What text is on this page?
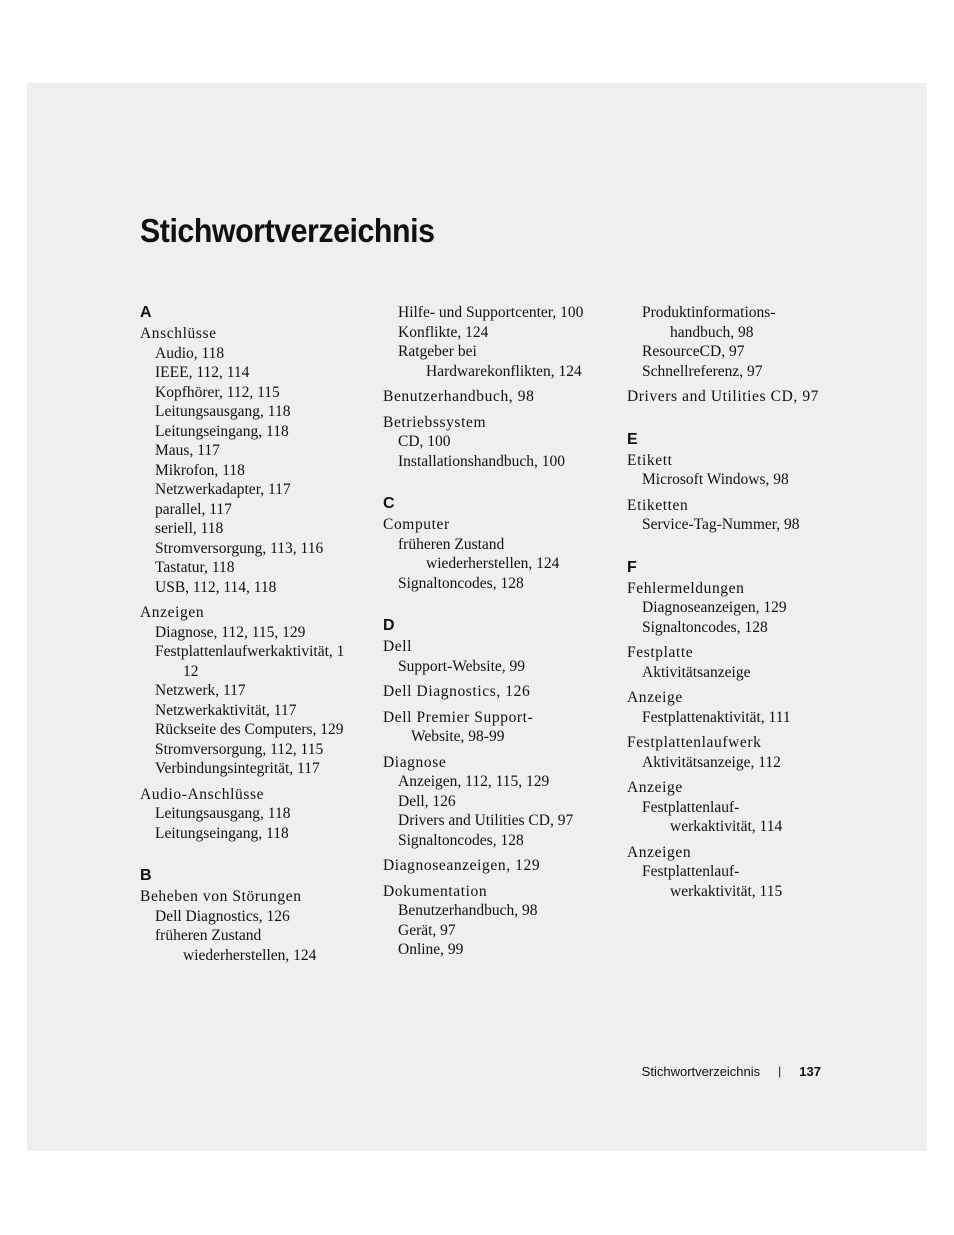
Stichwortverzeichnis
A
Anschlüsse
Audio, 118
IEEE, 112, 114
Kopfhörer, 112, 115
Leitungsausgang, 118
Leitungseingang, 118
Maus, 117
Mikrofon, 118
Netzwerkadapter, 117
parallel, 117
seriell, 118
Stromversorgung, 113, 116
Tastatur, 118
USB, 112, 114, 118
Anzeigen
Diagnose, 112, 115, 129
Festplattenlaufwerkaktivität, 1
12
Netzwerk, 117
Netzwerkaktivität, 117
Rückseite des Computers, 129
Stromversorgung, 112, 115
Verbindungsintegrität, 117
Audio-Anschlüsse
Leitungsausgang, 118
Leitungseingang, 118
B
Beheben von Störungen
Dell Diagnostics, 126
früheren Zustand
wiederherstellen, 124
Hilfe- und Supportcenter, 100
Konflikte, 124
Ratgeber bei
Hardwarekonflikten, 124
Benutzerhandbuch, 98
Betriebssystem
CD, 100
Installationshandbuch, 100
C
Computer
früheren Zustand
wiederherstellen, 124
Signaltoncodes, 128
D
Dell
Support-Website, 99
Dell Diagnostics, 126
Dell Premier Support-
Website, 98-99
Diagnose
Anzeigen, 112, 115, 129
Dell, 126
Drivers and Utilities CD, 97
Signaltoncodes, 128
Diagnoseanzeigen, 129
Dokumentation
Benutzerhandbuch, 98
Gerät, 97
Online, 99
Produktinformations-
handbuch, 98
ResourceCD, 97
Schnellreferenz, 97
Drivers and Utilities CD, 97
E
Etikett
Microsoft Windows, 98
Etiketten
Service-Tag-Nummer, 98
F
Fehlermeldungen
Diagnoseanzeigen, 129
Signaltoncodes, 128
Festplatte
Aktivitätsanzeige
Anzeige
Festplattenaktivität, 111
Festplattenlaufwerk
Aktivitätsanzeige, 112
Anzeige
Festplattenlauf-
werkaktivität, 114
Anzeigen
Festplattenlauf-
werkaktivität, 115
Stichwortverzeichnis | 137
